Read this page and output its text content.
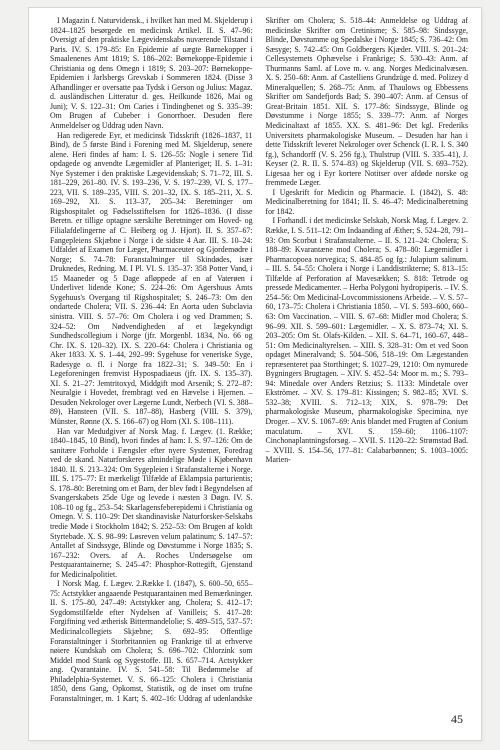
I Magazin f. Naturvidensk., i hvilket han med M. Skjelderup i 1824–1825 besørgede en medicinsk Artikel. II. S. 47–96: Oversigt af den praktiske Lægevidenskabs nuværende Tilstand i Paris. IV. S. 179–85: En Epidemie af uægte Børnekopper i Smaalenenes Amt 1819; S. 186–202: Børnekoppe-Epidemie i Christiania og dens Omegn i 1819; S. 203–207: Børnekoppe-Epidemien i Jarlsbergs Grevskab i Sommeren 1824. (Disse 3 Afhandlinger er oversatte paa Tydsk i Gerson og Julius: Magaz. d. ausländischen Litteratur d. ges. Heilkunde 1826, Mai og Juni); V. S. 122–31: Om Caries i Tindingbenet og S. 335–39: Om Brugen af Cubeber i Gonorrhoer. Desuden flere Anmeldelser og Uddrag uden Navn.

Han redigerede Eyr, et medicinsk Tidsskrift (1826–1837, 11 Bind), de 5 første Bind i Forening med M. Skjelderup, senere alene. Heri findes af ham: I. S. 126–55: Nogle i senere Tid opdagede og anvendte Lægemidler af Planteriget; II. S. 1–31: Nye Systemer i den praktiske Lægevidenskab; S. 71–72, III. S. 181–229, 261–80. IV. S. 193–236, V. S. 197–239, VI. S. 177–223, VII. S. 189–235, VIII. S. 201–32, IX. S. 185–211, X. S. 169–292, XI. S. 113–37, 205–34: Beretninger om Rigshospitalet og Fødselsstiftelsen for 1826–1836. (I disse Beretn. er tillige optagne særskilte Beretninger om Hoved- og Filialafdelingerne af C. Heiberg og J. Hjort). II. S. 357–67: Fangepleiens Skjæbne i Norge i de sidste 4 Aar. III. S. 10–24: Udfaldet af Examen for Læger, Pharmaceuter og Gjordemødre i Norge; S. 74–78: Foranstaltninger til Skindødes, især Druknedes, Redning. M. I Pl. VI. S. 135–37: 358 Potter Vand, i 15 Maaneder og 5 Dage afløppede af en af Vaterøen i Underlivet lidende Kone; S. 224–26: Om Agershuus Amts Sygehuus's Overgang til Rigshospitalet; S. 246–73: Om den ondartede Cholera; VII. S. 236–44: En Aorta uden Subclavia sinistra. VIII. S. 57–76: Om Cholera i og ved Drammen; S. 324–52: Om Nødvendigheden af et lægekyndigt Sundhedscollegium i Norge (jfr. Morgenbl. 1834, No. 66 og Chr. IX. S. 120–32). IX. S. 220–64: Cholera i Christiania og Aker 1833. X. S. 1–44, 292–99: Sygehuse for veneriske Syge, Radesyge o. fl. i Norge fra 1822–31; S. 349–50: En i Legeforeningen fremvist Hypospadiaeus (jfr. IX. S. 135–37). XI. S. 21–27: Jemtritoxyd, Middgift mod Arsenik; S. 272–87: Neuralgie i Hovedet, frembragt ved en Hævelse i Hjernen. – Desuden Nekrologer over Lægerne Lundt, Nerbech (VI. S. 388–89), Hansteen (VII. S. 187–88), Hasberg (VIII. S. 379), Münster, Rønne (X. S. 166–67) og Horn (XI. S. 108–111).

Han var Medudgiver af Norsk Mag. f. Lægev. (1. Række; 1840–1845, 10 Bind), hvori findes af ham: I. S. 97–126: Om de sanitære Forholde i Fængsler efter nyere Systemer, Foredrag ved de skand. Naturforskeres almindelige Møde i Kjøbenhavn 1840. II. S. 213–324: Om Sygepleien i Strafanstalterne i Norge. III. S. 175–77: Et mærkeligt Tilfælde af Eklampsia parturientis; S. 178–80: Beretning om et Barn, der blev født i Begyndelsen af Svangerskabets 25de Uge og levede i næsten 3 Døgn. IV. S. 108–10 og fg., 253–54: Skarlagensfeberepidemi i Christiania og Omegn. V. S. 110–29: Det skandinaviske Naturforsker-Selskabs tredie Møde i Stockholm 1842; S. 252–53: Om Brugen af koldt Styrtebade. X. S. 98–99: Løsreven velum palatinum; S. 147–57: Antallet af Sindssyge, Blinde og Døvstumme i Norge 1835; S. 167–232: Overs. af A. Roches Undersøgelse om Pestquarantainerne; S. 245–47: Phosphor-Rottegift, Gjenstand for Medicinalpolitiet.

I Norsk Mag. f. Lægev. 2.Række I. (1847), S. 600–50, 655–75: Actstykker angaaende Pestquarantainen med Bemærkninger. II. S. 175–80, 247–49: Actstykker ang. Cholera; S. 412–17: Sygdomstilfælde efter Nydelsen af Vanilleis; S. 417–28: Forgiftning ved ætherisk Bittermandelolie; S. 489–515, 537–57: Medicinalcollegiets Skjæbne; S. 692–95: Offentlige Foranstaltninger i Storbritannien og Frankrige til at erhverve nøiere Kundskab om Cholera; S. 696–702: Chlorzink som Middel mod Stank og Sygestoffe. III. S. 657–714. Actstykker ang. Qvarantaine. IV. S. 541–58: Til Bedømmelse af Philadelphia-Systemet. V. S. 66–125: Cholera i Christiania 1850, dens Gang, Opkomst, Statistik, og de inset om trufne Foranstaltninger, m. 1 Kart; S. 402–16: Uddrag af udenlandske Skrifter om Cholera; S. 518–44: Anmeldelse og Uddrag af medicinske Skrifter om Cretinisme; S. 585–98: Sindssyge, Blinde, Døvstumme og Spedalske i Norge 1845; S. 736–42: Om Sæsyge; S. 742–45: Om Goldbergers Kjæder. VIII. S. 201–24: Cellesystemets Ophævelse i Frankrige; S. 530–43: Anm. af Thurmanns Saml. af Love m. v. ang. Norges Medicinalvæsen. X. S. 250–68: Anm. af Castelliens Grundzüge d. med. Polizey d Mineralquellen; S. 268–75: Anm. af Thaulows og Ebbessens Skrifter om Sandefjords Bad; S. 390–407: Anm. af Census of Great-Britain 1851. XII. S. 177–86: Sindssyge, Blinde og Døvstumme i Norge 1855; S. 339–77: Anm. af Norges Medicinaltaxt af 1855. XX. S. 481–96: Det kgl. Frederiks Universitets pharmakologiske Museum. – Desuden har han i dette Tidsskrift leveret Nekrologer over Schenck (I. R. I. S. 340 fg.), Schandorff (V. S. 256 fg.), Thulstrup (VIII. S. 335–41), J. Keyser (2. R. II. S. 574–83) og Skjelderup (VII. S. 693–752). Ligesaa her og i Eyr kortere Notitser over afdøde norske og fremmede Læger.

I Ugeskrift for Medicin og Pharmacie. I. (1842), S. 48: Medicinalberetning for 1841; II. S. 46–47: Medicinalberetning for 1842.

I Forhandl. i det medicinske Selskab, Norsk Mag. f. Lægev. 2. Række, I. S. 511–12: Om Indaanding af Æther; S. 524–28, 791–93: Om Scorbut i Strafanstalterne. – II. S. 121–24: Cholera; S. 188–89: Kvarantæne mod Cholera; S. 478–80: Lægemidler i Pharmacopoea norvegica; S. 484–85 og fg.: Julapium salinum. – III. S. 54–55: Cholera i Norge i Landdistrikterne; S. 813–15: Tilfælde af Perforation af Mavesækken; S. 818: Tetrode og pressede Medicamenter. – Herba Polygoni hydropiperis. – IV. S. 254–56: Om Medicinal-Lovcommissionens Arbeide. – V. S. 57–60, 173–75: Cholera i Christiania 1850. – VI. S. 593–600, 660–63: Om Vaccination. – VIII. S. 67–68: Midler mod Cholera; S. 96–99. XII. S. 599–601: Lægemidler. – X. S. 873–74; XI. S. 203–205: Om St. Olafs-Kilden. – XII. S. 64–71, 160–67, 448–51: Om Medicinaltyrelsen. – XIII. S. 328–31: Om et ved Soon opdaget Mineralvand; S. 504–506, 518–19: Om Lægestanden repræsenteret paa Storthinget; S. 1027–29, 1210: Om nymurede Bygningers Brugtagen. – XIV. S. 452–54: Moor m. m.; S. 793–94: Minedale over Anders Retzius; S. 1133: Mindetale over Ekströmer. – XV. S. 179–81: Kissingen; S. 982–85; XVI. S. 532–38; XVIII. S. 712–13; XIX, S. 978–79: Det pharmakologiske Museum, pharmakologiske Specimina, nye Droger. – XV. S. 1067–69: Anis blandet med Frugten af Conium maculatum. – XVI. S. 159–60; 1106–1107: Cinchonaplantningsforsøg. – XVII. S. 1120–22: Strømstad Bad. – XVIII. S. 154–56, 177–81: Calabarbønnen; S. 1003–1005: Marien-

45
